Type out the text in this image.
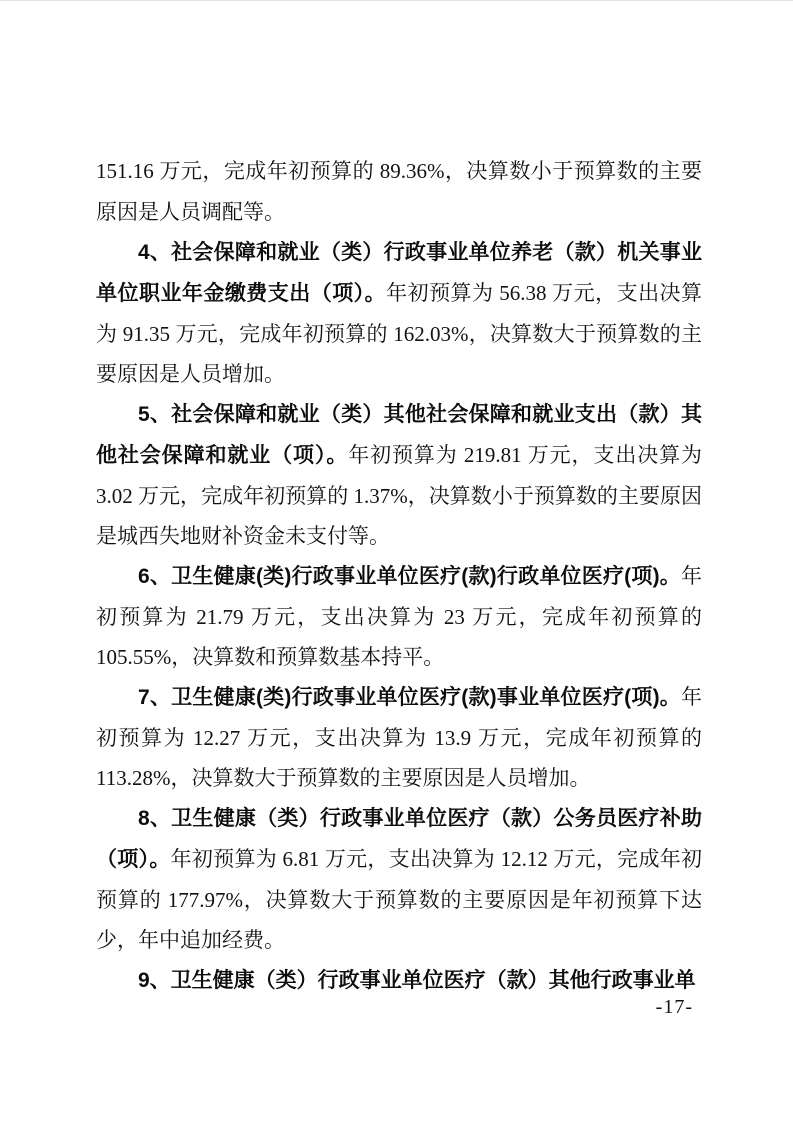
151.16 万元，完成年初预算的 89.36%，决算数小于预算数的主要原因是人员调配等。

4、社会保障和就业（类）行政事业单位养老（款）机关事业单位职业年金缴费支出（项）。年初预算为 56.38 万元，支出决算为 91.35 万元，完成年初预算的 162.03%，决算数大于预算数的主要原因是人员增加。

5、社会保障和就业（类）其他社会保障和就业支出（款）其他社会保障和就业（项）。年初预算为 219.81 万元，支出决算为 3.02 万元，完成年初预算的 1.37%，决算数小于预算数的主要原因是城西失地财补资金未支付等。

6、卫生健康(类)行政事业单位医疗(款)行政单位医疗(项)。年初预算为 21.79 万元，支出决算为 23 万元，完成年初预算的 105.55%，决算数和预算数基本持平。

7、卫生健康(类)行政事业单位医疗(款)事业单位医疗(项)。年初预算为 12.27 万元，支出决算为 13.9 万元，完成年初预算的 113.28%，决算数大于预算数的主要原因是人员增加。

8、卫生健康（类）行政事业单位医疗（款）公务员医疗补助（项）。年初预算为 6.81 万元，支出决算为 12.12 万元，完成年初预算的 177.97%，决算数大于预算数的主要原因是年初预算下达少，年中追加经费。

9、卫生健康（类）行政事业单位医疗（款）其他行政事业单

-17-
